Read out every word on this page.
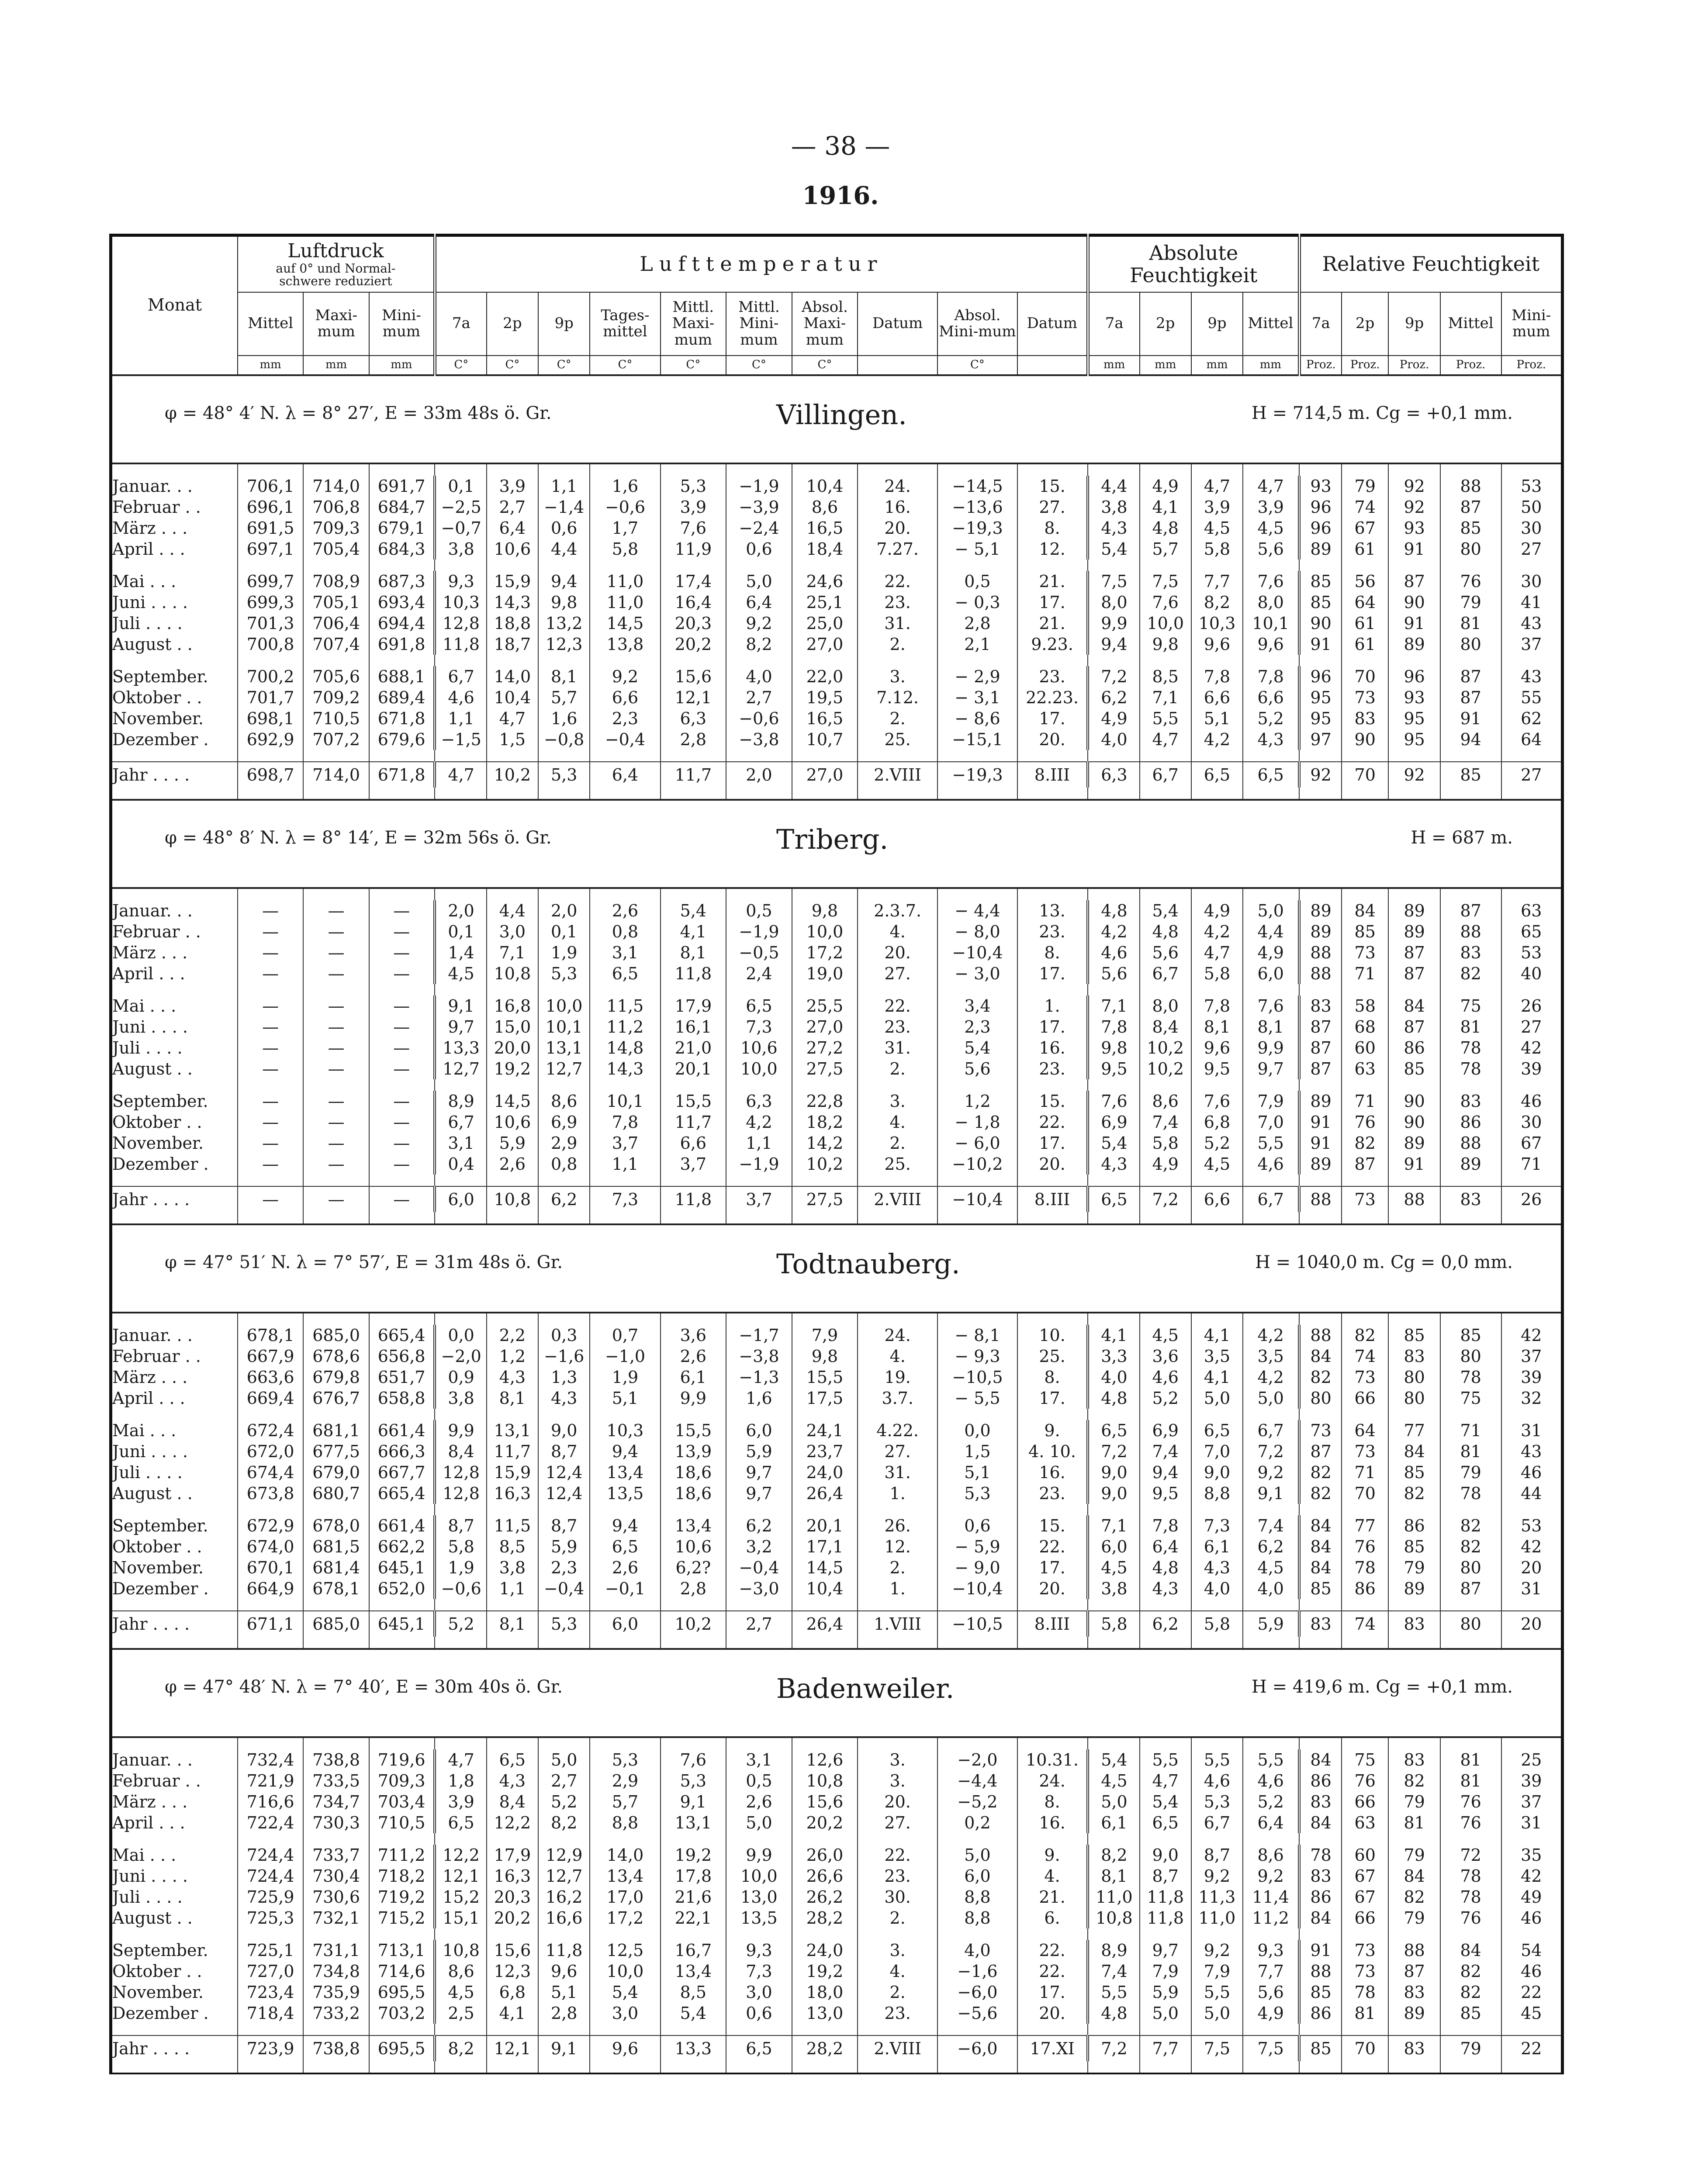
— 38 —
1916.
Monat	Luftdruck
auf 0° und Normal-schwere reduziert			Lufttemperatur										Absolute Feuchtigkeit				Relative Feuchtigkeit				
	Mittel	Maxi-mum	Mini-mum	7a	2p	9p	Tages-mittel	Mittl. Maxi-mum	Mittl. Mini-mum	Absol. Maxi-mum	Datum	Absol. Mini-mum	Datum	7a	2p	9p	Mittel	7a	2p	9p	Mittel	Mini-mum
	mm	mm	mm	C°	C°	C°	C°	C°	C°	C°		C°		mm	mm	mm	mm	Proz.	Proz.	Proz.	Proz.	Proz.

φ = 48° 4′ N. λ = 8° 27′, E = 33m 48s ö. Gr. Villingen. H = 714,5 m. Cg = +0,1 mm.																						

Januar. . .	706,1	714,0	691,7	0,1	3,9	1,1	1,6	5,3	−1,9	10,4	24.	−14,5	15.	4,4	4,9	4,7	4,7	93	79	92	88	53
Februar . .	696,1	706,8	684,7	−2,5	2,7	−1,4	−0,6	3,9	−3,9	8,6	16.	−13,6	27.	3,8	4,1	3,9	3,9	96	74	92	87	50
März . . .	691,5	709,3	679,1	−0,7	6,4	0,6	1,7	7,6	−2,4	16,5	20.	−19,3	8.	4,3	4,8	4,5	4,5	96	67	93	85	30
April . . .	697,1	705,4	684,3	3,8	10,6	4,4	5,8	11,9	0,6	18,4	7.27.	− 5,1	12.	5,4	5,7	5,8	5,6	89	61	91	80	27

Mai . . .	699,7	708,9	687,3	9,3	15,9	9,4	11,0	17,4	5,0	24,6	22.	0,5	21.	7,5	7,5	7,7	7,6	85	56	87	76	30
Juni . . . .	699,3	705,1	693,4	10,3	14,3	9,8	11,0	16,4	6,4	25,1	23.	− 0,3	17.	8,0	7,6	8,2	8,0	85	64	90	79	41
Juli . . . .	701,3	706,4	694,4	12,8	18,8	13,2	14,5	20,3	9,2	25,0	31.	2,8	21.	9,9	10,0	10,3	10,1	90	61	91	81	43
August . .	700,8	707,4	691,8	11,8	18,7	12,3	13,8	20,2	8,2	27,0	2.	2,1	9.23.	9,4	9,8	9,6	9,6	91	61	89	80	37

September.	700,2	705,6	688,1	6,7	14,0	8,1	9,2	15,6	4,0	22,0	3.	− 2,9	23.	7,2	8,5	7,8	7,8	96	70	96	87	43
Oktober . .	701,7	709,2	689,4	4,6	10,4	5,7	6,6	12,1	2,7	19,5	7.12.	− 3,1	22.23.	6,2	7,1	6,6	6,6	95	73	93	87	55
November.	698,1	710,5	671,8	1,1	4,7	1,6	2,3	6,3	−0,6	16,5	2.	− 8,6	17.	4,9	5,5	5,1	5,2	95	83	95	91	62
Dezember .	692,9	707,2	679,6	−1,5	1,5	−0,8	−0,4	2,8	−3,8	10,7	25.	−15,1	20.	4,0	4,7	4,2	4,3	97	90	95	94	64

Jahr . . . .	698,7	714,0	671,8	4,7	10,2	5,3	6,4	11,7	2,0	27,0	2.VIII	−19,3	8.III	6,3	6,7	6,5	6,5	92	70	92	85	27

φ = 48° 8′ N. λ = 8° 14′, E = 32m 56s ö. Gr. Triberg. H = 687 m.																						

Januar. . .	—	—	—	2,0	4,4	2,0	2,6	5,4	0,5	9,8	2.3.7.	− 4,4	13.	4,8	5,4	4,9	5,0	89	84	89	87	63
Februar . .	—	—	—	0,1	3,0	0,1	0,8	4,1	−1,9	10,0	4.	− 8,0	23.	4,2	4,8	4,2	4,4	89	85	89	88	65
März . . .	—	—	—	1,4	7,1	1,9	3,1	8,1	−0,5	17,2	20.	−10,4	8.	4,6	5,6	4,7	4,9	88	73	87	83	53
April . . .	—	—	—	4,5	10,8	5,3	6,5	11,8	2,4	19,0	27.	− 3,0	17.	5,6	6,7	5,8	6,0	88	71	87	82	40

Mai . . .	—	—	—	9,1	16,8	10,0	11,5	17,9	6,5	25,5	22.	3,4	1.	7,1	8,0	7,8	7,6	83	58	84	75	26
Juni . . . .	—	—	—	9,7	15,0	10,1	11,2	16,1	7,3	27,0	23.	2,3	17.	7,8	8,4	8,1	8,1	87	68	87	81	27
Juli . . . .	—	—	—	13,3	20,0	13,1	14,8	21,0	10,6	27,2	31.	5,4	16.	9,8	10,2	9,6	9,9	87	60	86	78	42
August . .	—	—	—	12,7	19,2	12,7	14,3	20,1	10,0	27,5	2.	5,6	23.	9,5	10,2	9,5	9,7	87	63	85	78	39

September.	—	—	—	8,9	14,5	8,6	10,1	15,5	6,3	22,8	3.	1,2	15.	7,6	8,6	7,6	7,9	89	71	90	83	46
Oktober . .	—	—	—	6,7	10,6	6,9	7,8	11,7	4,2	18,2	4.	− 1,8	22.	6,9	7,4	6,8	7,0	91	76	90	86	30
November.	—	—	—	3,1	5,9	2,9	3,7	6,6	1,1	14,2	2.	− 6,0	17.	5,4	5,8	5,2	5,5	91	82	89	88	67
Dezember .	—	—	—	0,4	2,6	0,8	1,1	3,7	−1,9	10,2	25.	−10,2	20.	4,3	4,9	4,5	4,6	89	87	91	89	71

Jahr . . . .	—	—	—	6,0	10,8	6,2	7,3	11,8	3,7	27,5	2.VIII	−10,4	8.III	6,5	7,2	6,6	6,7	88	73	88	83	26

φ = 47° 51′ N. λ = 7° 57′, E = 31m 48s ö. Gr. Todtnauberg. H = 1040,0 m. Cg = 0,0 mm.																						

Januar. . .	678,1	685,0	665,4	0,0	2,2	0,3	0,7	3,6	−1,7	7,9	24.	− 8,1	10.	4,1	4,5	4,1	4,2	88	82	85	85	42
Februar . .	667,9	678,6	656,8	−2,0	1,2	−1,6	−1,0	2,6	−3,8	9,8	4.	− 9,3	25.	3,3	3,6	3,5	3,5	84	74	83	80	37
März . . .	663,6	679,8	651,7	0,9	4,3	1,3	1,9	6,1	−1,3	15,5	19.	−10,5	8.	4,0	4,6	4,1	4,2	82	73	80	78	39
April . . .	669,4	676,7	658,8	3,8	8,1	4,3	5,1	9,9	1,6	17,5	3.7.	− 5,5	17.	4,8	5,2	5,0	5,0	80	66	80	75	32

Mai . . .	672,4	681,1	661,4	9,9	13,1	9,0	10,3	15,5	6,0	24,1	4.22.	0,0	9.	6,5	6,9	6,5	6,7	73	64	77	71	31
Juni . . . .	672,0	677,5	666,3	8,4	11,7	8,7	9,4	13,9	5,9	23,7	27.	1,5	4. 10.	7,2	7,4	7,0	7,2	87	73	84	81	43
Juli . . . .	674,4	679,0	667,7	12,8	15,9	12,4	13,4	18,6	9,7	24,0	31.	5,1	16.	9,0	9,4	9,0	9,2	82	71	85	79	46
August . .	673,8	680,7	665,4	12,8	16,3	12,4	13,5	18,6	9,7	26,4	1.	5,3	23.	9,0	9,5	8,8	9,1	82	70	82	78	44

September.	672,9	678,0	661,4	8,7	11,5	8,7	9,4	13,4	6,2	20,1	26.	0,6	15.	7,1	7,8	7,3	7,4	84	77	86	82	53
Oktober . .	674,0	681,5	662,2	5,8	8,5	5,9	6,5	10,6	3,2	17,1	12.	− 5,9	22.	6,0	6,4	6,1	6,2	84	76	85	82	42
November.	670,1	681,4	645,1	1,9	3,8	2,3	2,6	6,2?	−0,4	14,5	2.	− 9,0	17.	4,5	4,8	4,3	4,5	84	78	79	80	20
Dezember .	664,9	678,1	652,0	−0,6	1,1	−0,4	−0,1	2,8	−3,0	10,4	1.	−10,4	20.	3,8	4,3	4,0	4,0	85	86	89	87	31

Jahr . . . .	671,1	685,0	645,1	5,2	8,1	5,3	6,0	10,2	2,7	26,4	1.VIII	−10,5	8.III	5,8	6,2	5,8	5,9	83	74	83	80	20

φ = 47° 48′ N. λ = 7° 40′, E = 30m 40s ö. Gr. Badenweiler. H = 419,6 m. Cg = +0,1 mm.																						

Januar. . .	732,4	738,8	719,6	4,7	6,5	5,0	5,3	7,6	3,1	12,6	3.	−2,0	10.31.	5,4	5,5	5,5	5,5	84	75	83	81	25
Februar . .	721,9	733,5	709,3	1,8	4,3	2,7	2,9	5,3	0,5	10,8	3.	−4,4	24.	4,5	4,7	4,6	4,6	86	76	82	81	39
März . . .	716,6	734,7	703,4	3,9	8,4	5,2	5,7	9,1	2,6	15,6	20.	−5,2	8.	5,0	5,4	5,3	5,2	83	66	79	76	37
April . . .	722,4	730,3	710,5	6,5	12,2	8,2	8,8	13,1	5,0	20,2	27.	0,2	16.	6,1	6,5	6,7	6,4	84	63	81	76	31

Mai . . .	724,4	733,7	711,2	12,2	17,9	12,9	14,0	19,2	9,9	26,0	22.	5,0	9.	8,2	9,0	8,7	8,6	78	60	79	72	35
Juni . . . .	724,4	730,4	718,2	12,1	16,3	12,7	13,4	17,8	10,0	26,6	23.	6,0	4.	8,1	8,7	9,2	9,2	83	67	84	78	42
Juli . . . .	725,9	730,6	719,2	15,2	20,3	16,2	17,0	21,6	13,0	26,2	30.	8,8	21.	11,0	11,8	11,3	11,4	86	67	82	78	49
August . .	725,3	732,1	715,2	15,1	20,2	16,6	17,2	22,1	13,5	28,2	2.	8,8	6.	10,8	11,8	11,0	11,2	84	66	79	76	46

September.	725,1	731,1	713,1	10,8	15,6	11,8	12,5	16,7	9,3	24,0	3.	4,0	22.	8,9	9,7	9,2	9,3	91	73	88	84	54
Oktober . .	727,0	734,8	714,6	8,6	12,3	9,6	10,0	13,4	7,3	19,2	4.	−1,6	22.	7,4	7,9	7,9	7,7	88	73	87	82	46
November.	723,4	735,9	695,5	4,5	6,8	5,1	5,4	8,5	3,0	18,0	2.	−6,0	17.	5,5	5,9	5,5	5,6	85	78	83	82	22
Dezember .	718,4	733,2	703,2	2,5	4,1	2,8	3,0	5,4	0,6	13,0	23.	−5,6	20.	4,8	5,0	5,0	4,9	86	81	89	85	45

Jahr . . . .	723,9	738,8	695,5	8,2	12,1	9,1	9,6	13,3	6,5	28,2	2.VIII	−6,0	17.XI	7,2	7,7	7,5	7,5	85	70	83	79	22
